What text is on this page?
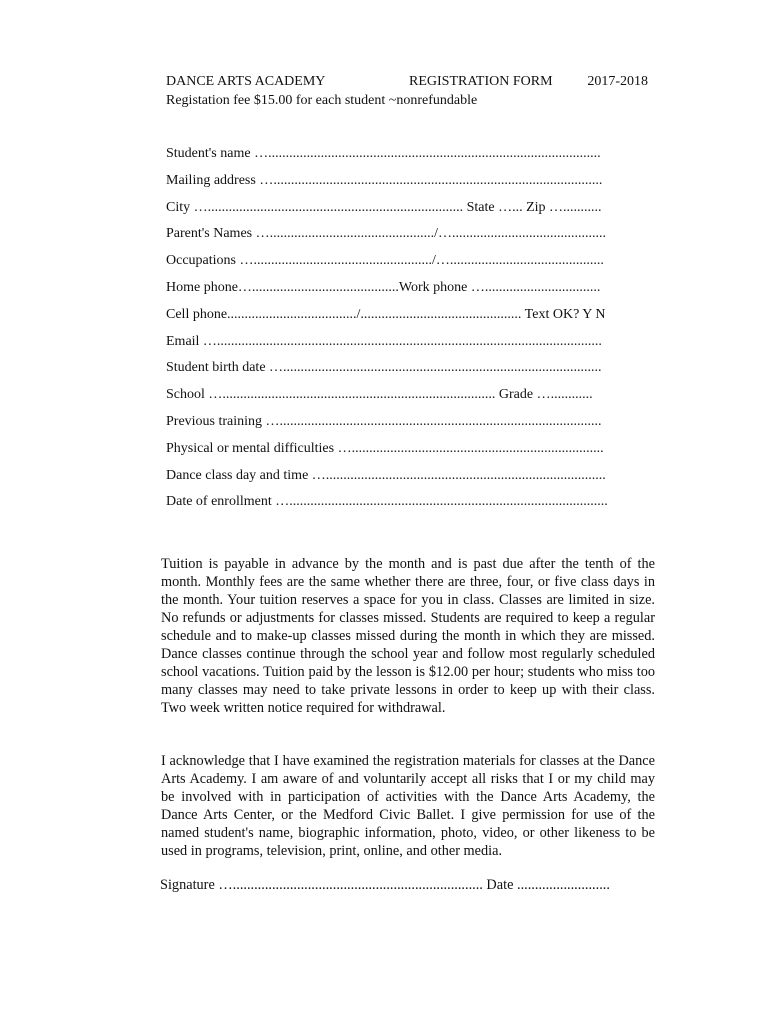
DANCE ARTS ACADEMY	REGISTRATION FORM 2017-2018
Registation fee $15.00 for each student ~nonrefundable
Student's name …...............................................................................................
Mailing address …..............................................................................................
City …......................................................................... State …... Zip …...........
Parent's Names ….............................................../…............................................
Occupations ….................................................../…............................................
Home phone…..........................................Work phone ….................................
Cell phone...................................../.............................................. Text OK? Y N
Email …..............................................................................................................
Student birth date …...........................................................................................
School ….............................................................................. Grade …............
Previous training …............................................................................................
Physical or mental difficulties …........................................................................
Dance class day and time …................................................................................
Date of enrollment …...........................................................................................
Tuition is payable in advance by the month and is past due after the tenth of the month. Monthly fees are the same whether there are three, four, or five class days in the month. Your tuition reserves a space for you in class. Classes are limited in size. No refunds or adjustments for classes missed. Students are required to keep a regular schedule and to make-up classes missed during the month in which they are missed. Dance classes continue through the school year and follow most regularly scheduled school vacations. Tuition paid by the lesson is $12.00 per hour; students who miss too many classes may need to take private lessons in order to keep up with their class. Two week written notice required for withdrawal.
I acknowledge that I have examined the registration materials for classes at the Dance Arts Academy. I am aware of and voluntarily accept all risks that I or my child may be involved with in participation of activities with the Dance Arts Academy, the Dance Arts Center, or the Medford Civic Ballet. I give permission for use of the named student's name, biographic information, photo, video, or other likeness to be used in programs, television, print, online, and other media.
Signature …...................................................................... Date ..........................
